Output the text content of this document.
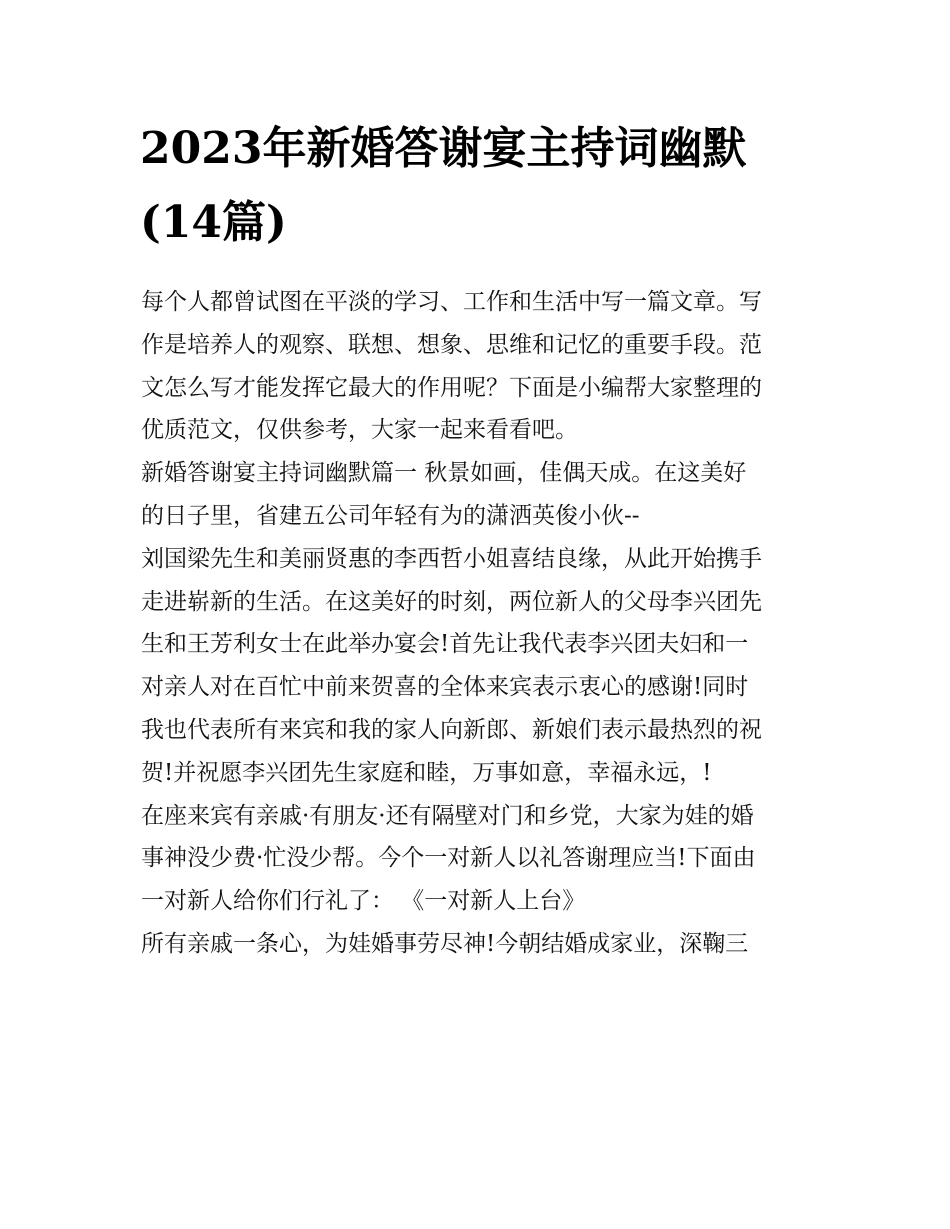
2023年新婚答谢宴主持词幽默
(14篇)
每个人都曾试图在平淡的学习、工作和生活中写一篇文章。写
作是培养人的观察、联想、想象、思维和记忆的重要手段。范
文怎么写才能发挥它最大的作用呢？下面是小编帮大家整理的
优质范文，仅供参考，大家一起来看看吧。
新婚答谢宴主持词幽默篇一 秋景如画，佳偶天成。在这美好
的日子里，省建五公司年轻有为的潇洒英俊小伙--
刘国梁先生和美丽贤惠的李西哲小姐喜结良缘，从此开始携手
走进崭新的生活。在这美好的时刻，两位新人的父母李兴团先
生和王芳利女士在此举办宴会!首先让我代表李兴团夫妇和一
对亲人对在百忙中前来贺喜的全体来宾表示衷心的感谢!同时
我也代表所有来宾和我的家人向新郎、新娘们表示最热烈的祝
贺!并祝愿李兴团先生家庭和睦，万事如意，幸福永远，!
在座来宾有亲戚·有朋友·还有隔壁对门和乡党，大家为娃的婚
事神没少费·忙没少帮。今个一对新人以礼答谢理应当!下面由
一对新人给你们行礼了： 《一对新人上台》
所有亲戚一条心，为娃婚事劳尽神!今朝结婚成家业，深鞠三
